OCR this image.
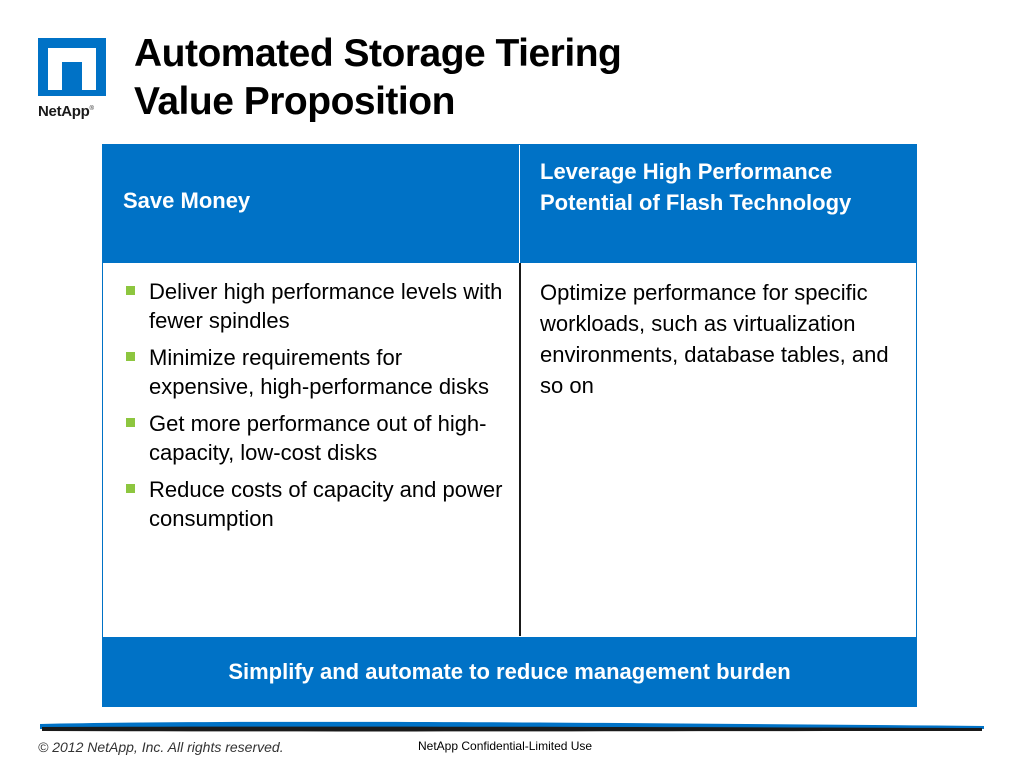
NetApp®
Automated Storage Tiering
Value Proposition
Save Money
Leverage High Performance Potential of Flash Technology
Deliver high performance levels with fewer spindles
Minimize requirements for expensive, high-performance disks
Get more performance out of high-capacity, low-cost disks
Reduce costs of capacity and power consumption
Optimize performance for specific workloads, such as virtualization environments, database tables, and so on
Simplify and automate to reduce management burden
© 2012 NetApp, Inc. All rights reserved.	NetApp Confidential-Limited Use
